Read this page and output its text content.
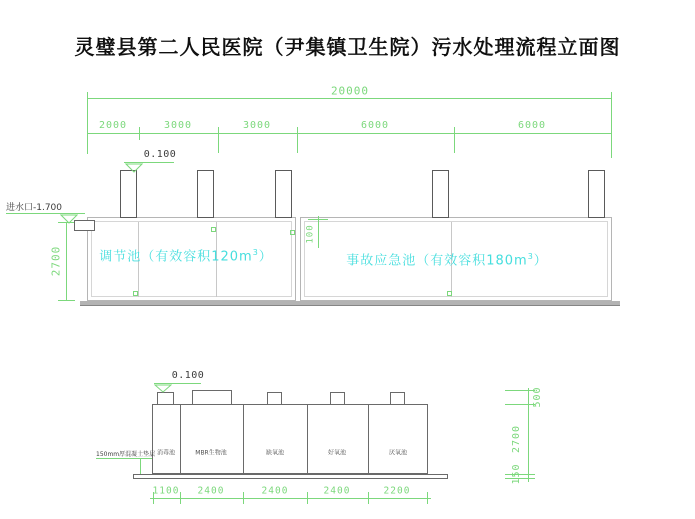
灵璧县第二人民医院（尹集镇卫生院）污水处理流程立面图
20000
2000	3000	3000	6000	6000
0.100
100
进水口-1.700
2700	调节池（有效容积$120m^3$）	事故应急池（有效容积$180m^3$）
0.100
消毒池	MBR生物池	缺氧池	好氧池	厌氧池
150mm厚混凝土垫层
1100 2400	2400	2400	2200
500
2700
150
